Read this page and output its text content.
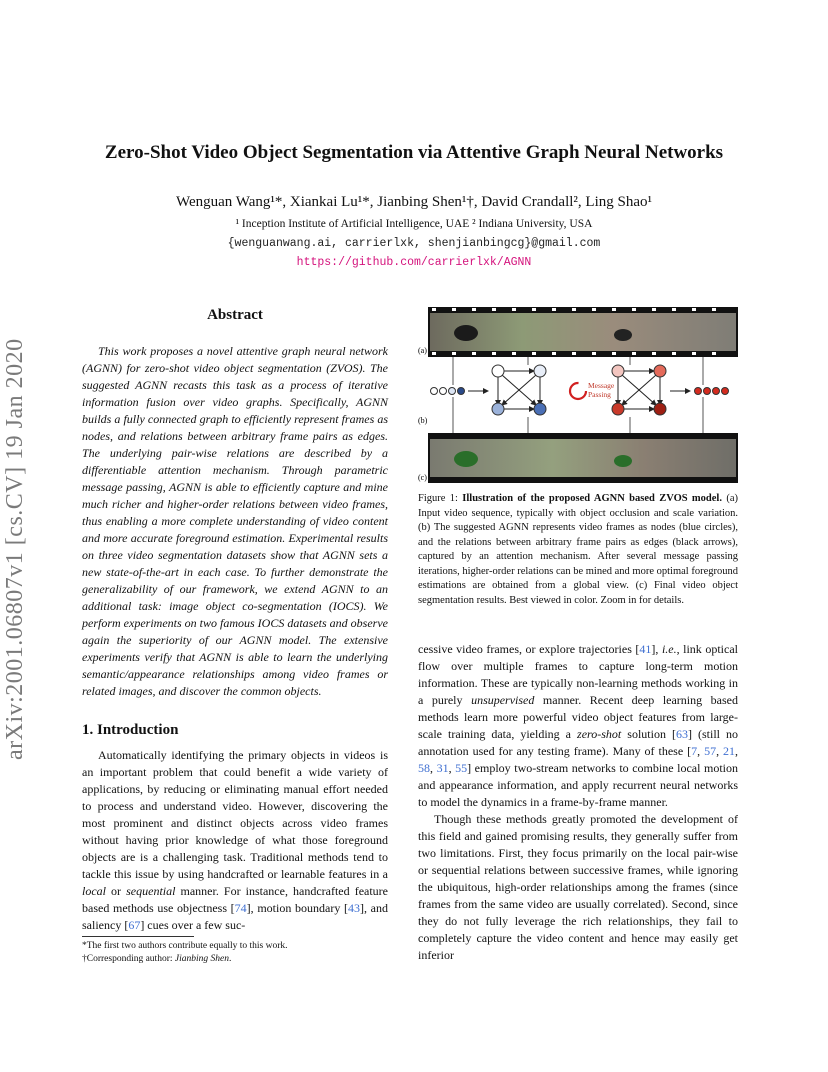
arXiv:2001.06807v1 [cs.CV] 19 Jan 2020
Zero-Shot Video Object Segmentation via Attentive Graph Neural Networks
Wenguan Wang¹*, Xiankai Lu¹*, Jianbing Shen¹†, David Crandall², Ling Shao¹
¹ Inception Institute of Artificial Intelligence, UAE ² Indiana University, USA
{wenguanwang.ai, carrierlxk, shenjianbingcg}@gmail.com
https://github.com/carrierlxk/AGNN
Abstract

This work proposes a novel attentive graph neural network (AGNN) for zero-shot video object segmentation (ZVOS). The suggested AGNN recasts this task as a process of iterative information fusion over video graphs. Specifically, AGNN builds a fully connected graph to efficiently represent frames as nodes, and relations between arbitrary frame pairs as edges. The underlying pair-wise relations are described by a differentiable attention mechanism. Through parametric message passing, AGNN is able to efficiently capture and mine much richer and higher-order relations between video frames, thus enabling a more complete understanding of video content and more accurate foreground estimation. Experimental results on three video segmentation datasets show that AGNN sets a new state-of-the-art in each case. To further demonstrate the generalizability of our framework, we extend AGNN to an additional task: image object co-segmentation (IOCS). We perform experiments on two famous IOCS datasets and observe again the superiority of our AGNN model. The extensive experiments verify that AGNN is able to learn the underlying semantic/appearance relationships among video frames or related images, and discover the common objects.

1. Introduction

Automatically identifying the primary objects in videos is an important problem that could benefit a wide variety of applications, by reducing or eliminating manual effort needed to process and understand video. However, discovering the most prominent and distinct objects across video frames without having prior knowledge of what those foreground objects are is a challenging task. Traditional methods tend to tackle this issue by using handcrafted or learnable features in a local or sequential manner. For instance, handcrafted feature based methods use objectness [74], motion boundary [43], and saliency [67] cues over a few suc-

*The first two authors contribute equally to this work.
†Corresponding author: Jianbing Shen.
(a)
Message
Passing
(b)
(c)
Figure 1: Illustration of the proposed AGNN based ZVOS model. (a) Input video sequence, typically with object occlusion and scale variation. (b) The suggested AGNN represents video frames as nodes (blue circles), and the relations between arbitrary frame pairs as edges (black arrows), captured by an attention mechanism. After several message passing iterations, higher-order relations can be mined and more optimal foreground estimations are obtained from a global view. (c) Final video object segmentation results. Best viewed in color. Zoom in for details.

cessive video frames, or explore trajectories [41], i.e., link optical flow over multiple frames to capture long-term motion information. These are typically non-learning methods working in a purely unsupervised manner. Recent deep learning based methods learn more powerful video object features from large-scale training data, yielding a zero-shot solution [63] (still no annotation used for any testing frame). Many of these [7, 57, 21, 58, 31, 55] employ two-stream networks to combine local motion and appearance information, and apply recurrent neural networks to model the dynamics in a frame-by-frame manner.

Though these methods greatly promoted the development of this field and gained promising results, they generally suffer from two limitations. First, they focus primarily on the local pair-wise or sequential relations between successive frames, while ignoring the ubiquitous, high-order relationships among the frames (since frames from the same video are usually correlated). Second, since they do not fully leverage the rich relationships, they fail to completely capture the video content and hence may easily get inferior
